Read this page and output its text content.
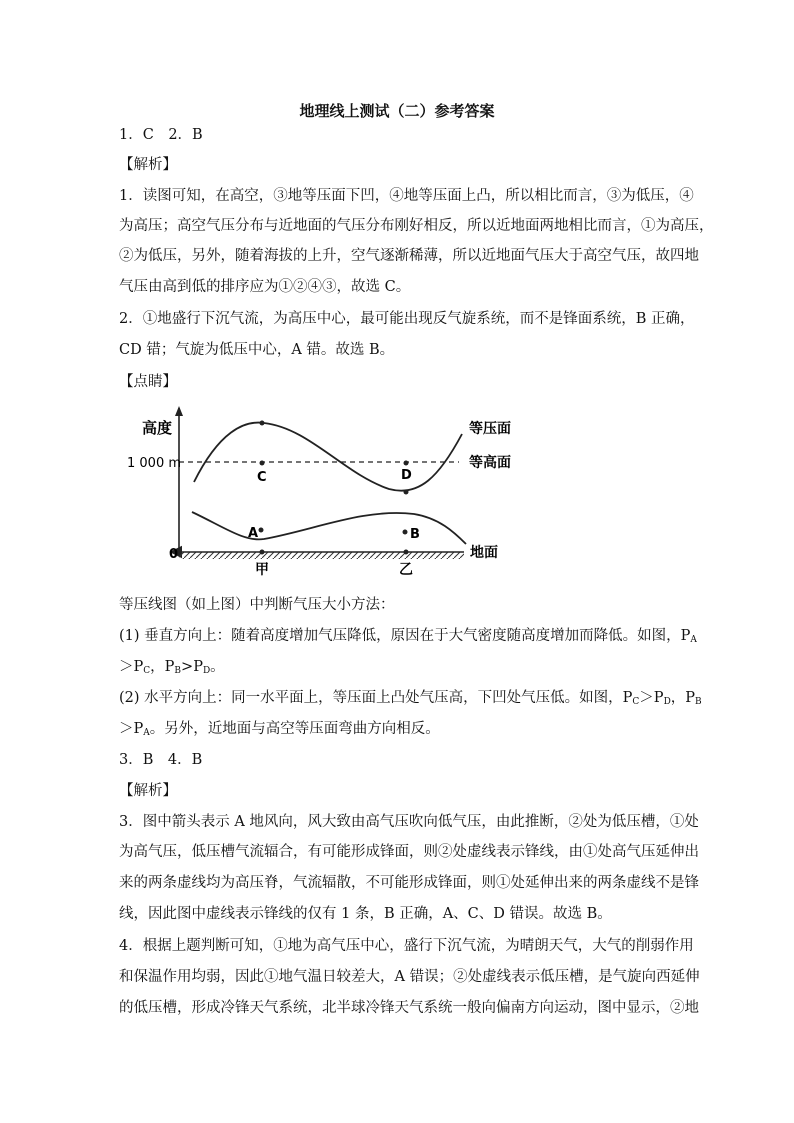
地理线上测试（二）参考答案
1．C　2．B
【解析】
1．读图可知，在高空，③地等压面下凹，④地等压面上凸，所以相比而言，③为低压，④
为高压；高空气压分布与近地面的气压分布刚好相反，所以近地面两地相比而言，①为高压，
②为低压，另外，随着海拔的上升，空气逐渐稀薄，所以近地面气压大于高空气压，故四地
气压由高到低的排序应为①②④③，故选 C。
2．①地盛行下沉气流，为高压中心，最可能出现反气旋系统，而不是锋面系统，B 正确，
CD 错；气旋为低压中心，A 错。故选 B。
【点睛】
高度
1 000 m
0
等压面
等高面
地面
C	D
A	B
甲	乙
等压线图（如上图）中判断气压大小方法：
(1) 垂直方向上：随着高度增加气压降低，原因在于大气密度随高度增加而降低。如图，$P_A$
$>P_C$，$P_B>P_D$。
(2) 水平方向上：同一水平面上，等压面上凸处气压高，下凹处气压低。如图，$P_C>P_D$，$P_B$
$>P_A$。另外，近地面与高空等压面弯曲方向相反。
3．B　4．B
【解析】
3．图中箭头表示 A 地风向，风大致由高气压吹向低气压，由此推断，②处为低压槽，①处
为高气压，低压槽气流辐合，有可能形成锋面，则②处虚线表示锋线，由①处高气压延伸出
来的两条虚线均为高压脊，气流辐散，不可能形成锋面，则①处延伸出来的两条虚线不是锋
线，因此图中虚线表示锋线的仅有 1 条，B 正确，A、C、D 错误。故选 B。
4．根据上题判断可知，①地为高气压中心，盛行下沉气流，为晴朗天气，大气的削弱作用
和保温作用均弱，因此①地气温日较差大，A 错误；②处虚线表示低压槽，是气旋向西延伸
的低压槽，形成冷锋天气系统，北半球冷锋天气系统一般向偏南方向运动，图中显示，②地
